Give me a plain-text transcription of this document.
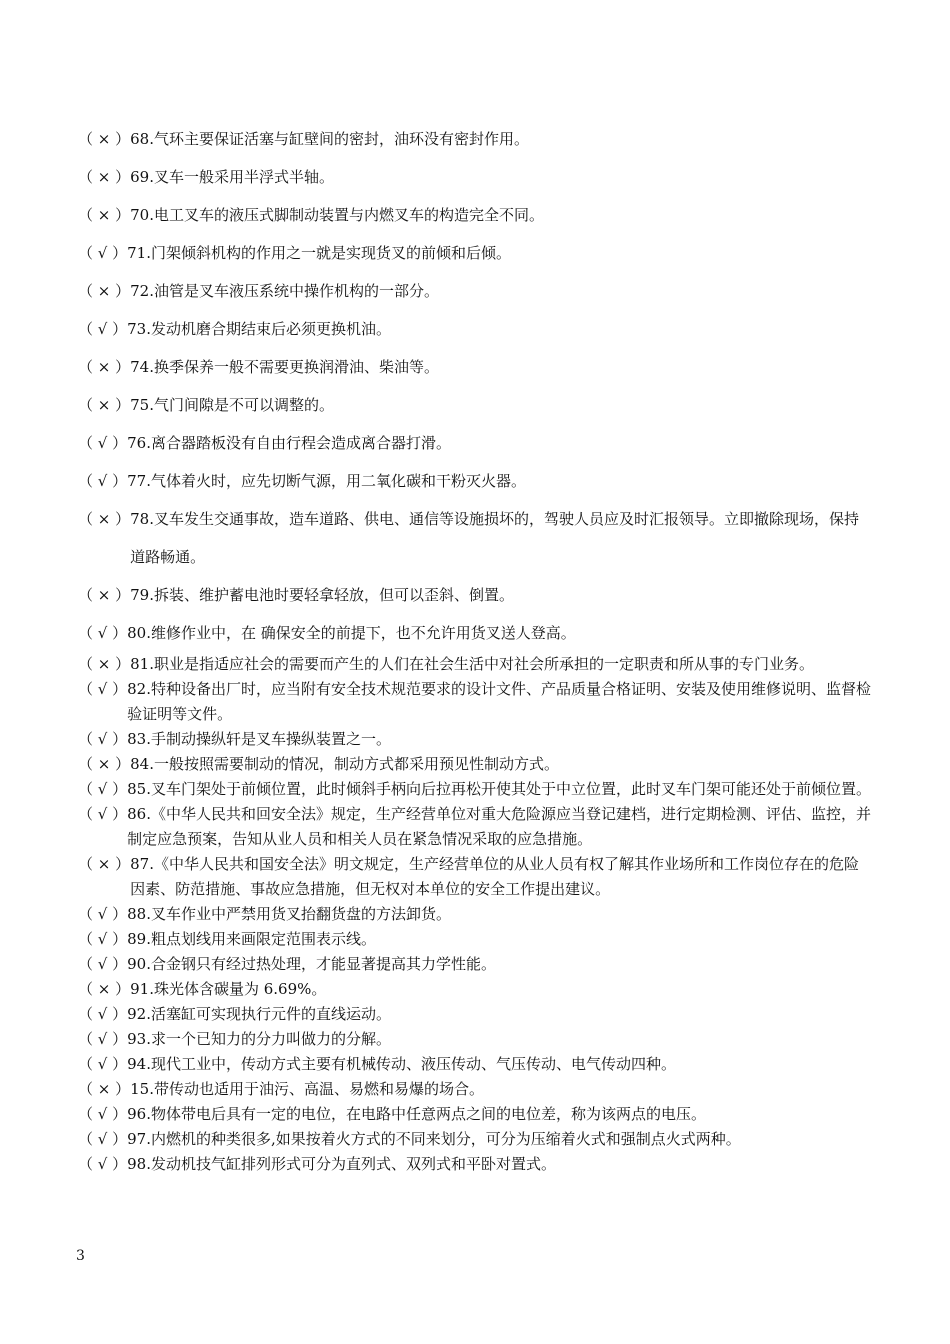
（ × ） 68.气环主要保证活塞与缸壁间的密封，油环没有密封作用。
（ × ） 69.叉车一般采用半浮式半轴。
（ × ） 70.电工叉车的液压式脚制动装置与内燃叉车的构造完全不同。
（ √ ） 71.门架倾斜机构的作用之一就是实现货叉的前倾和后倾。
（ × ） 72.油管是叉车液压系统中操作机构的一部分。
（ √ ） 73.发动机磨合期结束后必须更换机油。
（ × ） 74.换季保养一般不需要更换润滑油、柴油等。
（ × ） 75.气门间隙是不可以调整的。
（ √ ） 76.离合器踏板没有自由行程会造成离合器打滑。
（ √ ） 77.气体着火时，应先切断气源，用二氧化碳和干粉灭火器。
（ × ） 78.叉车发生交通事故，造车道路、供电、通信等设施损坏的，驾驶人员应及时汇报领导。立即撤除现场，保持道路畅通。
（ × ） 79.拆装、维护蓄电池时要轻拿轻放，但可以歪斜、倒置。
（ √ ） 80.维修作业中，在 确保安全的前提下，也不允许用货叉送人登高。
（ × ） 81.职业是指适应社会的需要而产生的人们在社会生活中对社会所承担的一定职责和所从事的专门业务。
（ √ ） 82.特种设备出厂时，应当附有安全技术规范要求的设计文件、产品质量合格证明、安装及使用维修说明、监督检验证明等文件。
（ √ ） 83.手制动操纵轩是叉车操纵装置之一。
（ × ） 84.一般按照需要制动的情况，制动方式都采用预见性制动方式。
（ √ ） 85.叉车门架处于前倾位置，此时倾斜手柄向后拉再松开使其处于中立位置，此时叉车门架可能还处于前倾位置。
（ √ ） 86.《中华人民共和回安全法》规定，生产经营单位对重大危险源应当登记建档，进行定期检测、评估、监控，并制定应急预案，告知从业人员和相关人员在紧急情况采取的应急措施。
（ × ） 87.《中华人民共和国安全法》明文规定，生产经营单位的从业人员有权了解其作业场所和工作岗位存在的危险因素、防范措施、事故应急措施，但无权对本单位的安全工作提出建议。
（ √ ） 88.叉车作业中严禁用货叉抬翻货盘的方法卸货。
（ √ ） 89.粗点划线用来画限定范围表示线。
（ √ ） 90.合金钢只有经过热处理，才能显著提高其力学性能。
（ × ） 91.珠光体含碳量为 6.69%。
（ √ ） 92.活塞缸可实现执行元件的直线运动。
（ √ ） 93.求一个已知力的分力叫做力的分解。
（ √ ） 94.现代工业中，传动方式主要有机械传动、液压传动、气压传动、电气传动四种。
（ × ） 15.带传动也适用于油污、高温、易燃和易爆的场合。
（ √ ） 96.物体带电后具有一定的电位，在电路中任意两点之间的电位差，称为该两点的电压。
（ √ ） 97.内燃机的种类很多,如果按着火方式的不同来划分，可分为压缩着火式和强制点火式两种。
（ √ ） 98.发动机技气缸排列形式可分为直列式、双列式和平卧对置式。
3
